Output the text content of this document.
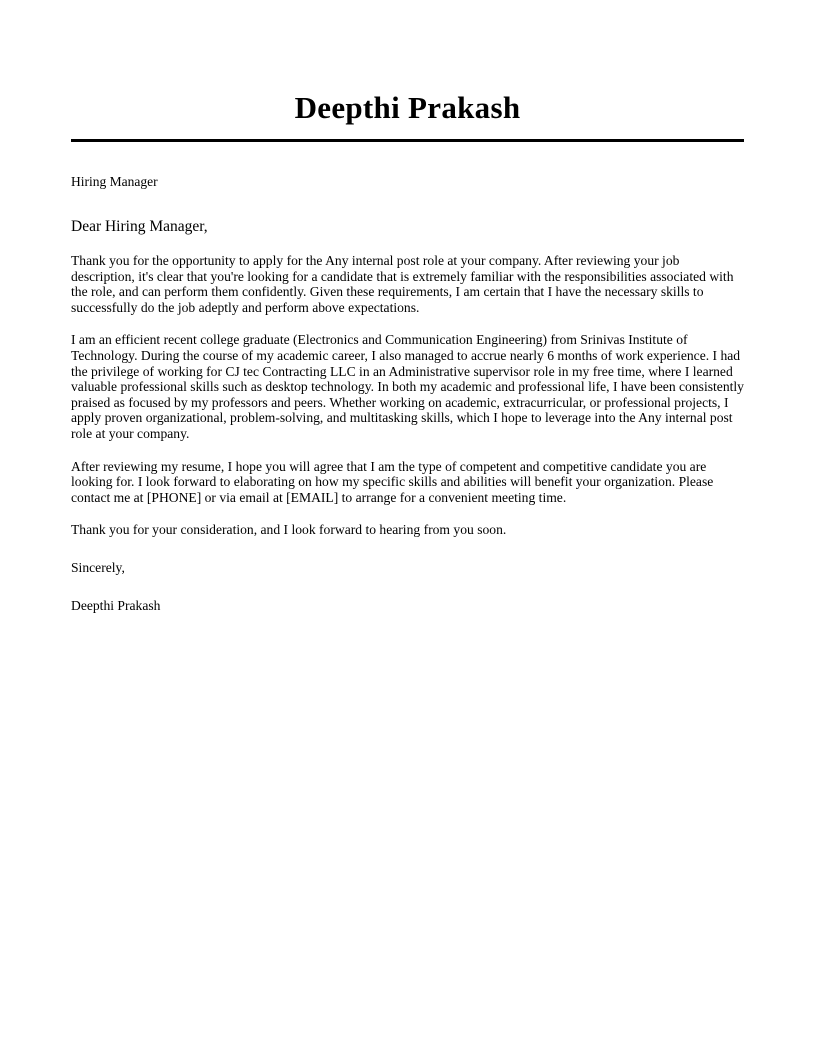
Deepthi Prakash

Hiring Manager

Dear Hiring Manager,

Thank you for the opportunity to apply for the Any internal post role at your company. After reviewing your job description, it's clear that you're looking for a candidate that is extremely familiar with the responsibilities associated with the role, and can perform them confidently. Given these requirements, I am certain that I have the necessary skills to successfully do the job adeptly and perform above expectations.

I am an efficient recent college graduate (Electronics and Communication Engineering) from Srinivas Institute of Technology. During the course of my academic career, I also managed to accrue nearly 6 months of work experience. I had the privilege of working for CJ tec Contracting LLC in an Administrative supervisor role in my free time, where I learned valuable professional skills such as desktop technology. In both my academic and professional life, I have been consistently praised as focused by my professors and peers. Whether working on academic, extracurricular, or professional projects, I apply proven organizational, problem-solving, and multitasking skills, which I hope to leverage into the Any internal post role at your company.

After reviewing my resume, I hope you will agree that I am the type of competent and competitive candidate you are looking for. I look forward to elaborating on how my specific skills and abilities will benefit your organization. Please contact me at [PHONE] or via email at [EMAIL] to arrange for a convenient meeting time.

Thank you for your consideration, and I look forward to hearing from you soon.

Sincerely,

Deepthi Prakash
